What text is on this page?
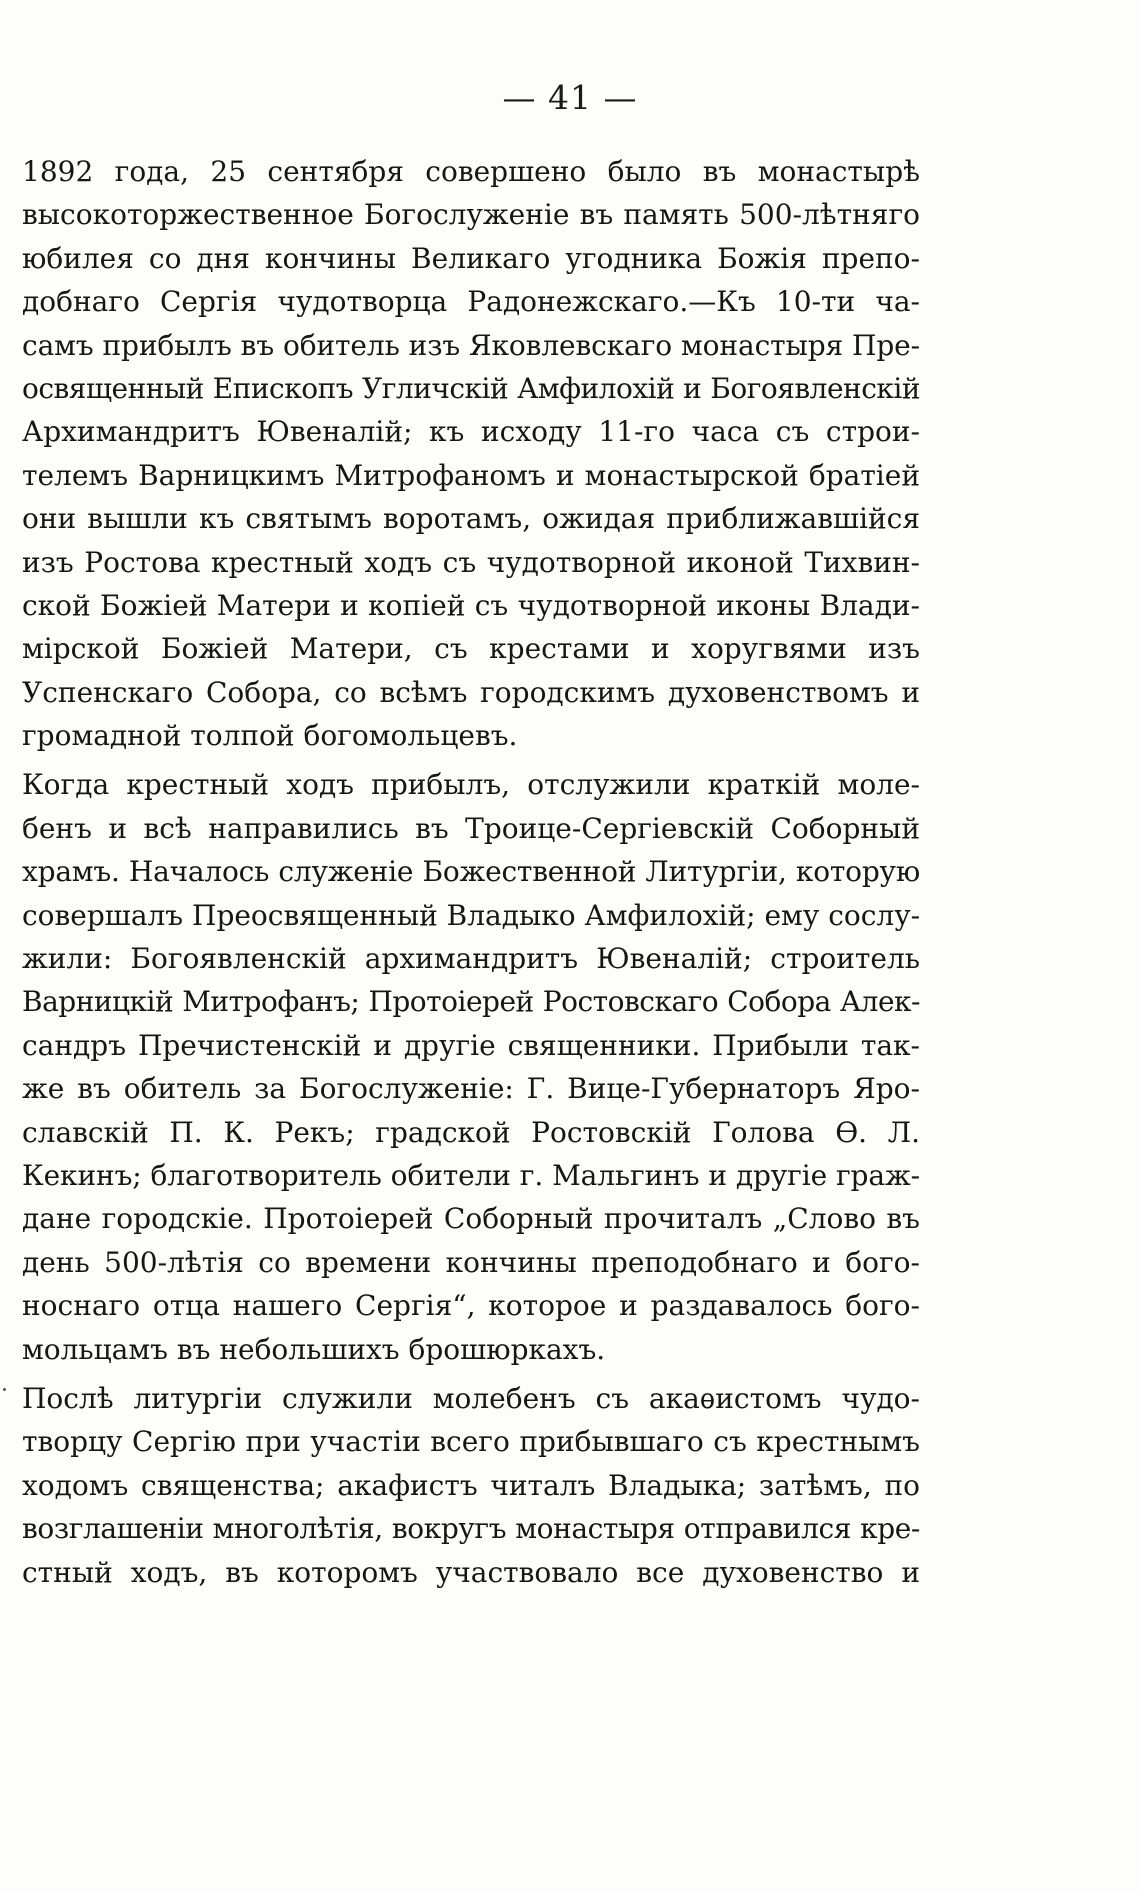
— 41 —
1892 года, 25 сентября совершено было въ монастырѣ
высокоторжественное Богослуженіе въ память 500-лѣтняго
юбилея со дня кончины Великаго угодника Божія препо-
добнаго Сергія чудотворца Радонежскаго.—Къ 10-ти ча-
самъ прибылъ въ обитель изъ Яковлевскаго монастыря Пре-
освященный Епископъ Угличскій Амфилохій и Богоявленскій
Архимандритъ Ювеналій; къ исходу 11-го часа съ строи-
телемъ Варницкимъ Митрофаномъ и монастырской братіей
они вышли къ святымъ воротамъ, ожидая приближавшійся
изъ Ростова крестный ходъ съ чудотворной иконой Тихвин-
ской Божіей Матери и копіей съ чудотворной иконы Влади-
мірской Божіей Матери, съ крестами и хоругвями изъ
Успенскаго Собора, со всѣмъ городскимъ духовенствомъ и
громадной толпой богомольцевъ.
Когда крестный ходъ прибылъ, отслужили краткій моле-
бенъ и всѣ направились въ Троице-Сергіевскій Соборный
храмъ. Началось служеніе Божественной Литургіи, которую
совершалъ Преосвященный Владыко Амфилохій; ему сослу-
жили: Богоявленскій архимандритъ Ювеналій; строитель
Варницкій Митрофанъ; Протоіерей Ростовскаго Собора Алек-
сандръ Пречистенскій и другіе священники. Прибыли так-
же въ обитель за Богослуженіе: Г. Вице-Губернаторъ Яро-
славскій П. К. Рекъ; градской Ростовскій Голова Ѳ. Л.
Кекинъ; благотворитель обители г. Мальгинъ и другіе граж-
дане городскіе. Протоіерей Соборный прочиталъ „Слово въ
день 500-лѣтія со времени кончины преподобнаго и бого-
носнаго отца нашего Сергія“, которое и раздавалось бого-
мольцамъ въ небольшихъ брошюркахъ.
Послѣ литургіи служили молебенъ съ акаѳистомъ чудо-
творцу Сергію при участіи всего прибывшаго съ крестнымъ
ходомъ священства; акафистъ читалъ Владыка; затѣмъ, по
возглашеніи многолѣтія, вокругъ монастыря отправился кре-
стный ходъ, въ которомъ участвовало все духовенство и
